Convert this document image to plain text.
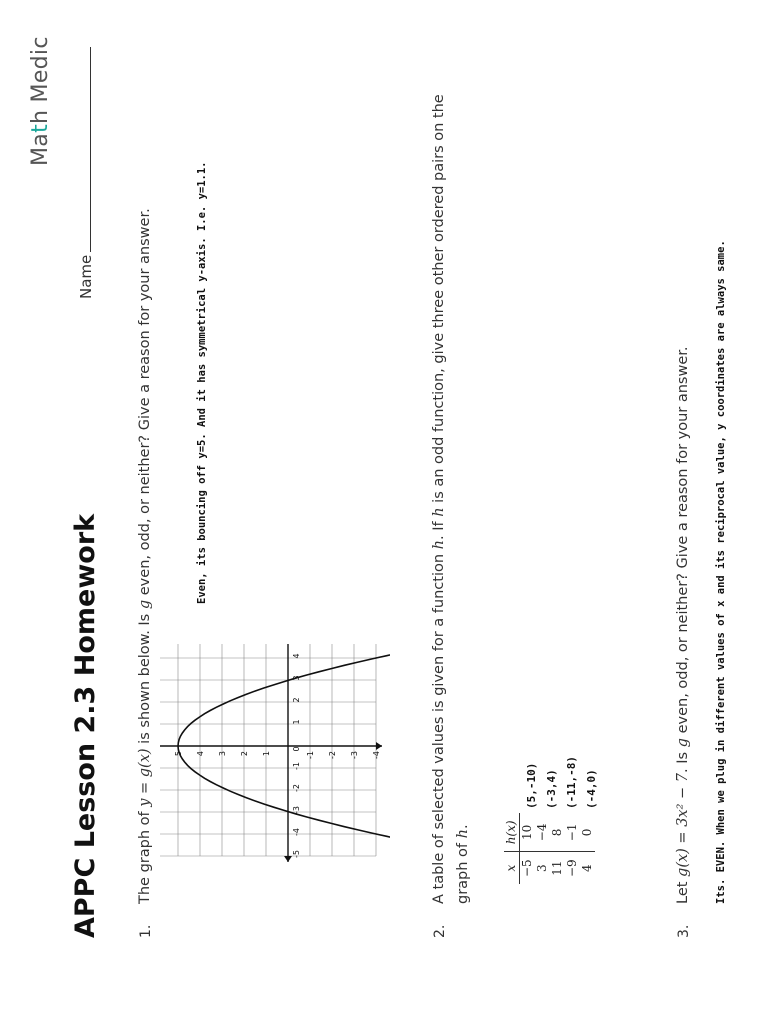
APPC Lesson 2.3 Homework
Name
Math Medic
1.
The graph of y = g(x) is shown below. Is g even, odd, or neither? Give a reason for your answer.	Even, its bouncing off y=5. And it has symmetrical y-axis. I.e. y=1.1.
-5
-4
-3
-2
-1
0
1
2
3
4
5 4 3 2 1	-1 -2 -3 -4
2.
A table of selected values is given for a function h. If h is an odd function, give three other ordered pairs on the
graph of h.
x	h(x)
−5	10
3	−4
11	8
−9	−1
4	0
(5,-10) (-3,4) (-11,-8) (-4,0)
3.
Let g(x) = 3x² − 7. Is g even, odd, or neither? Give a reason for your answer. Its. EVEN. When we plug in different values of x and its reciprocal value, y coordinates are always same.
